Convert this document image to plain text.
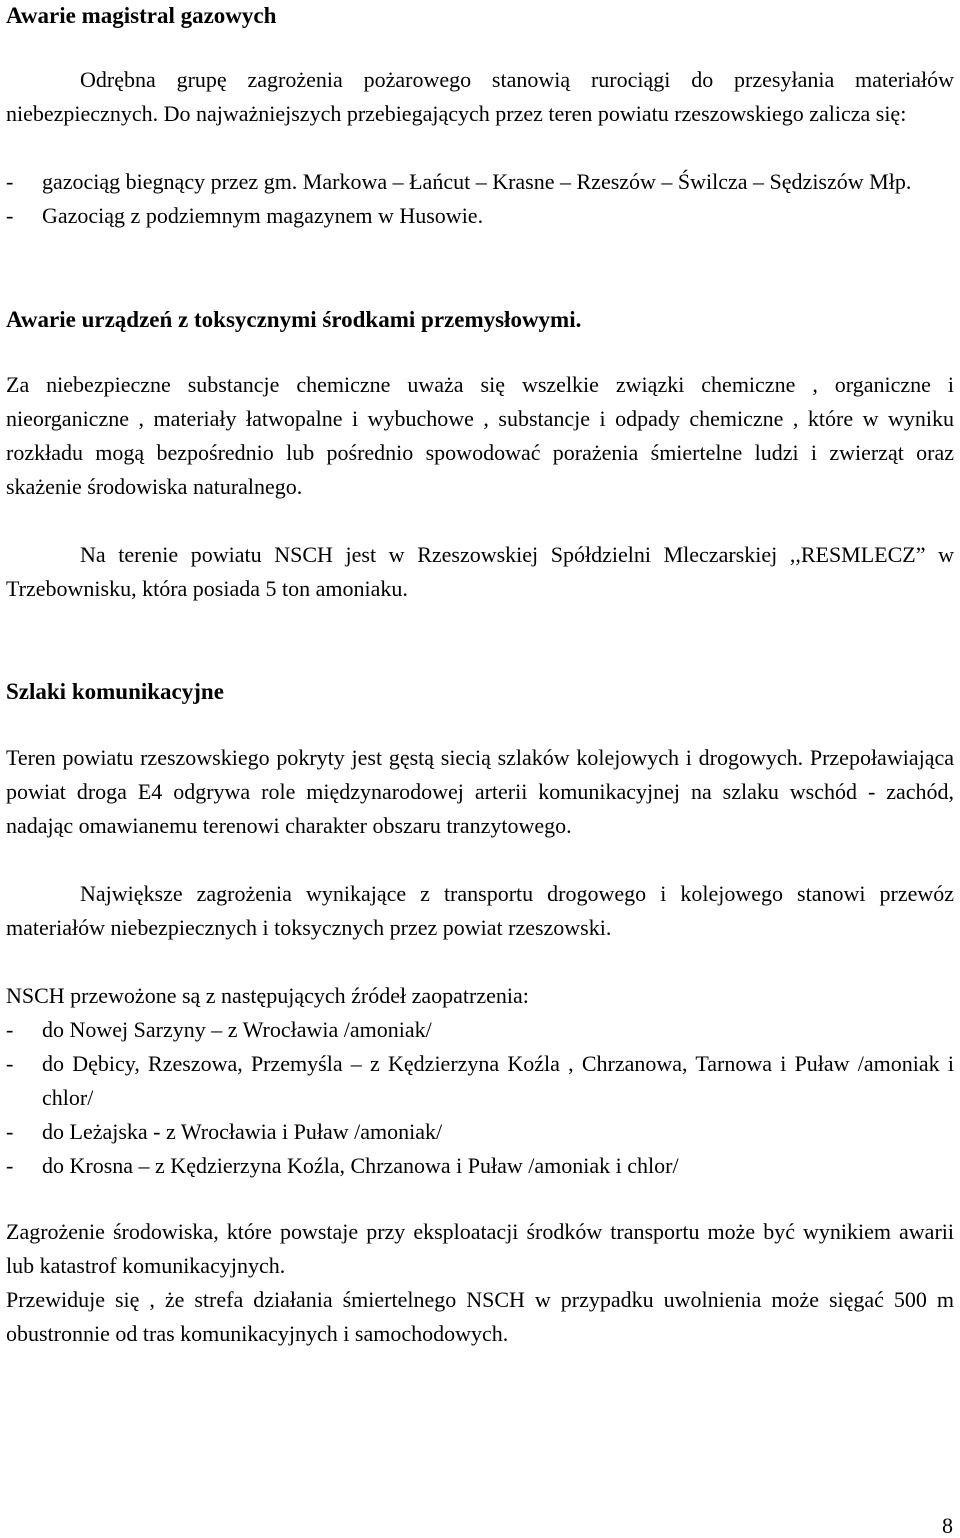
Awarie magistral gazowych

Odrębna grupę zagrożenia pożarowego stanowią rurociągi do przesyłania materiałów niebezpiecznych. Do najważniejszych przebiegających przez teren powiatu rzeszowskiego zalicza się:

- gazociąg biegnący przez gm. Markowa – Łańcut – Krasne – Rzeszów – Świlcza – Sędziszów Młp.
- Gazociąg z podziemnym magazynem w Husowie.
Awarie urządzeń z toksycznymi środkami przemysłowymi.

Za niebezpieczne substancje chemiczne uważa się wszelkie związki chemiczne , organiczne i nieorganiczne , materiały łatwopalne i wybuchowe , substancje i odpady chemiczne , które w wyniku rozkładu mogą bezpośrednio lub pośrednio spowodować porażenia śmiertelne ludzi i zwierząt oraz skażenie środowiska naturalnego.

Na terenie powiatu NSCH jest w Rzeszowskiej Spółdzielni Mleczarskiej ,,RESMLECZ” w Trzebownisku, która posiada 5 ton amoniaku.

Szlaki komunikacyjne

Teren powiatu rzeszowskiego pokryty jest gęstą siecią szlaków kolejowych i drogowych. Przepoławiająca powiat droga E4 odgrywa role międzynarodowej arterii komunikacyjnej na szlaku wschód - zachód, nadając omawianemu terenowi charakter obszaru tranzytowego.

Największe zagrożenia wynikające z transportu drogowego i kolejowego stanowi przewóz materiałów niebezpiecznych i toksycznych przez powiat rzeszowski.

NSCH przewożone są z następujących źródeł zaopatrzenia:

- do Nowej Sarzyny – z Wrocławia /amoniak/
- do Dębicy, Rzeszowa, Przemyśla – z Kędzierzyna Koźla , Chrzanowa, Tarnowa i Puław /amoniak i chlor/
- do Leżajska - z Wrocławia i Puław /amoniak/
- do Krosna – z Kędzierzyna Koźla, Chrzanowa i Puław /amoniak i chlor/

Zagrożenie środowiska, które powstaje przy eksploatacji środków transportu może być wynikiem awarii lub katastrof komunikacyjnych.

Przewiduje się , że strefa działania śmiertelnego NSCH w przypadku uwolnienia może sięgać 500 m obustronnie od tras komunikacyjnych i samochodowych.

8
